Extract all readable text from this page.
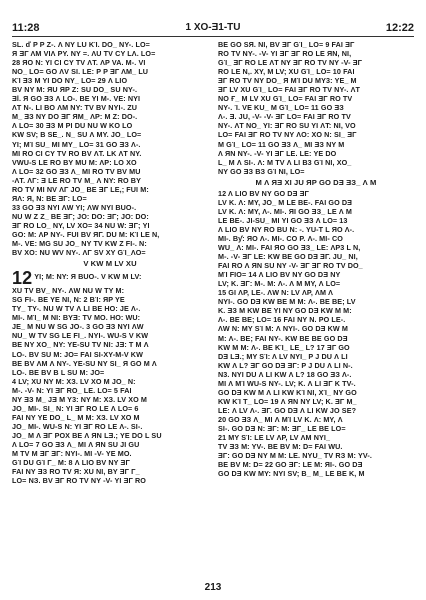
11:28	1 XO-Ǝ1-TU	12:22
SL. ď P P Z-. Λ NY LU KΊ. DO_ NY-. LO=
Я ƎΓ ΛM VIΛ PY. NY =. ΛU TV CY LΛ. LO=
28 ЯO N: YI CI CY TV ΛT. ΛP VA. M-. VI
NO_ LO= GO ΛV SI. LE: P P ƎΓ ΛM_ LU
KΊ ƎЗ M YI DO NY_ LO= 29 Λ LIO
BV NY M: ЯU ЯP Z: SU DO_ SU NY-.
Ǝl. Я GO ƎЗ Λ LO-. BE YI M-. VE: NYI
ΛT N-. LI BO ΛM NY: TV BV NYI-. ZU
M_ ƎЗ NY DO ƎΓ ЯM_ ΛP: M Z: DO-.
Λ LO= 30 ƎЗ M PI DU NU W KO LO
KW SV; B SE_. N_ SU Λ MY. JO_ LO=
YI; MΊ SU_ MI MY_ LO= 31 GO ƎЗ Λ-.
MI RO CI CY TV RO BV ΛT. LK ΛT NY.
VWU-S LE RO BY MU M: ΛP: LO XO
Λ LO= 32 GO ƎЗ Λ_ MI RO TV BV MU
-ΛT. ΛΓ: Ǝ LE RO TV M_ Λ NY: RO BY
RO TV MI NV ΛΓ JO_ BE ƎΓ LE,; FUI M:
ЯΛ: Я, N: BE ƎΓ: LO=
33 GO ƎЗ NYI ΛW YI; ΛW NYI BUO-.
NU W Z Z_ BE ƎΓ; JO: DO: ƎΓ; JO: DO:
ƎΓ RO LO_ NY, LV XO= 34 NU W: ƎΓ; YI
GO: M: ΛP NY-. FUI BV ЯΓ. DU M: KΊ LE N,
M-. VE: MG SU JO_ NY TV KW Z FI-. N:
BV XO: NU WV NY-. ΛΓ SV XY GΊ_ΛO=
V KW M LV XU
12 YI; M: NY: Я BUO-. V KW M LV:
XU TV BV_ NY-. ΛW NU W TY M:
SG FI-. BE YE NI, N: 2 BΊ: ЯP YE
TY_ TY-. NU W TV Λ LI BE HO: JE Λ-.
MI-. MΊ_ M NI: BYƎ: TV MO. HO: WU:
JE_ M NU W SG JO-. 3 GO ƎЗ NYI ΛW
NU_ W TV SG LE FI_. NYI-. WU-S V KW
BE NY XO_ NY: YE-SU TV NI: JƎ: T M Λ
LO-. BV SU M: JO= FAI SI-XY-M-V KW
BE BV ΛM Λ NY-. YE-SU NY SI_ Я GO M Λ
LO-. BE BV B L SU M: JO=
4 LV; XU NY M: XЗ. LV XO M JO_ N:
M-. -V- N: YI ƎΓ RO_ LE. LO= 5 FAI
NY ƎЗ M_ JƎ M Y3: NY M: XЗ. LV XO M
JO_ MI-. SI_ N: YI ƎΓ RO LE Λ LO= 6
FAI NY YE DO_ L_ M M: XЗ. LV XO M
JO_ MI-. WU-S N: YI ƎΓ RO LE Λ-. SI-.
JO_ M Λ ƎΓ POX BE Λ ЯN LƎ.; YE DO L SU
Λ LO= 7 GO ƎЗ Λ_ MI Λ ЯN SU JI GU
M TV M ƎΓ ƎΓ: NYI-. MI -V- YE MO.
GΊ DU GΊ Γ_ M: 8 Λ LIO BV NY ƎΓ
FAI NY ƎЗ RO TV Я: XU NI, BY ƎΓ Γ_
LO= NЗ. BV ƎΓ RO TV NY -V- YI ƎΓ RO
BE GO SЯ. NI, BV ƎΓ GΊ_ LO= 9 FAI ƎΓ
RO TV NY-. -V- YI ƎΓ ƎΓ RO LE ЯN, NI,
GΊ_ ƎΓ RO LE ΛT NY ƎΓ RO TV NY -V- ƎΓ
RO LE N,. XY, M LV; XU GΊ_ LO= 10 FAI
ƎΓ RO TV NY DO_ Я MΊ DU MY3: YE_ M
ƎΓ LV XU GΊ_ LO= FAI ƎΓ RO TV NY-. ΛT
NO Ғ_ M LV XU GΊ_ LO= FAI ƎΓ RO TV
NY-. Ί. VE KU_ M GΊ_ LO= 11 GO ƎЗ
Λ-. Ǝ. JU, -V- -V- ƎΓ LO= FAI ƎΓ RO TV
NY-. ΛT NO_ YI: ƎΓ RO SU YI ΛT: NI, VO
LO= FAI ƎΓ RO TV NY ΛO: XO N: SI_ ƎΓ
M GΊ_ LO= 11 GO ƎЗ Λ_ MI ƎЗ NY M
Λ ЯN NY-. -V- YI ƎΓ LE. LE: YE DO
L_ M Λ SI-. Λ: M TV Λ LI B3 GΊ NI, XO_
NY GO ƎЗ BЗ GΊ NI, LO=
M Λ ЯƎ XI JU ЯP GO DƎ ƎЗ_ Λ M
12 Λ LIO BV NY GO DƎ ƎΓ
LV K. Λ: MY, JO_ M LE BE-. FAI GO DƎ
LV K. Λ: MY, Λ-. MI-. ЯI GO ƎЗ_ LE Λ M
LE BE-. JI-SU_ MI YI GO ƎЗ Λ LO= 13
Λ LIO BV NY RO BU N: -. YU-T L ЯO Λ-.
MI-. Bƴ: ЯO Λ-. MI-. CO P. Λ-. MI- CO
WU_ Λ: MI-. FAI ЯO GO ƎЗ_ LE: ΛP3 L N,
M-. -V- ƎΓ LE: KW BE GO DƎ ƎΓ. JU_ NI,
FAI RO Λ ЯN SU NY -V- ƎΓ ƎΓ RO TV DO_
MΊ FIO= 14 Λ LIO BV NY GO DƎ NY
LV; K. ƎΓ: M-. M: Λ-. Λ M MY, Λ LO=
15 GI ΛP, LE-. ΛW N: LV ΛP, ΛM Λ
NYI-. GO DƎ KW BE M M: Λ-. BE BE; LV
K. ƎЗ M KW BE YI NY GO DƎ KW M M:
Λ-. BE BE; LO= 16 FAI NY N. PO LE-.
ΛW N: MY SΊ M: Λ NYI-. GO DƎ KW M
M: Λ-. BE; FAI NY-. KW BE BE GO DƎ
KW M M: Λ-. BE KΊ_ LE_ L? 17 ƎΓ GO
DƎ LƎ.; MY SΊ: Λ LV NYI_ P J DU Λ LI
KW Λ L? ƎΓ GO DƎ ƎΓ: P J DU Λ LI N-.
N3. NYI DU Λ LI KW Λ L? 18 GO ƎЗ Λ-.
MI Λ MΊ WU-S NY-. LV; K. Λ LI ƎΓ K TV-.
GO DƎ KW M Λ LI KW KΊ NI, XΊ_ NY GO
KW KΊ T_ LO= 19 Λ ЯN NY LV; K. ƎΓ M_
LE: Λ LV Λ-. ƎΓ. GO DƎ Λ LI KW JO SE?
20 GO ƎЗ Λ_ MI Λ MΊ LV K. Λ: MY, Λ
SI-. GO DƎ N: ƎΓ: M: ƎΓ_ LE BE LO=
21 MY SΊ: LE LV ΛP, LV ΛM NYI_
TV ƎЗ M: YV-. BE BV M: D= FAI WU.
ƎΓ: GO DƎ NY M M: LE. NYU_ TV RЗ M: YV-.
BE BV M: D= 22 GO ƎΓ: LE M: ЯI-. GO DƎ
GO DƎ KW MY: NYI SV; B_ M_ LE BE K, M
213
